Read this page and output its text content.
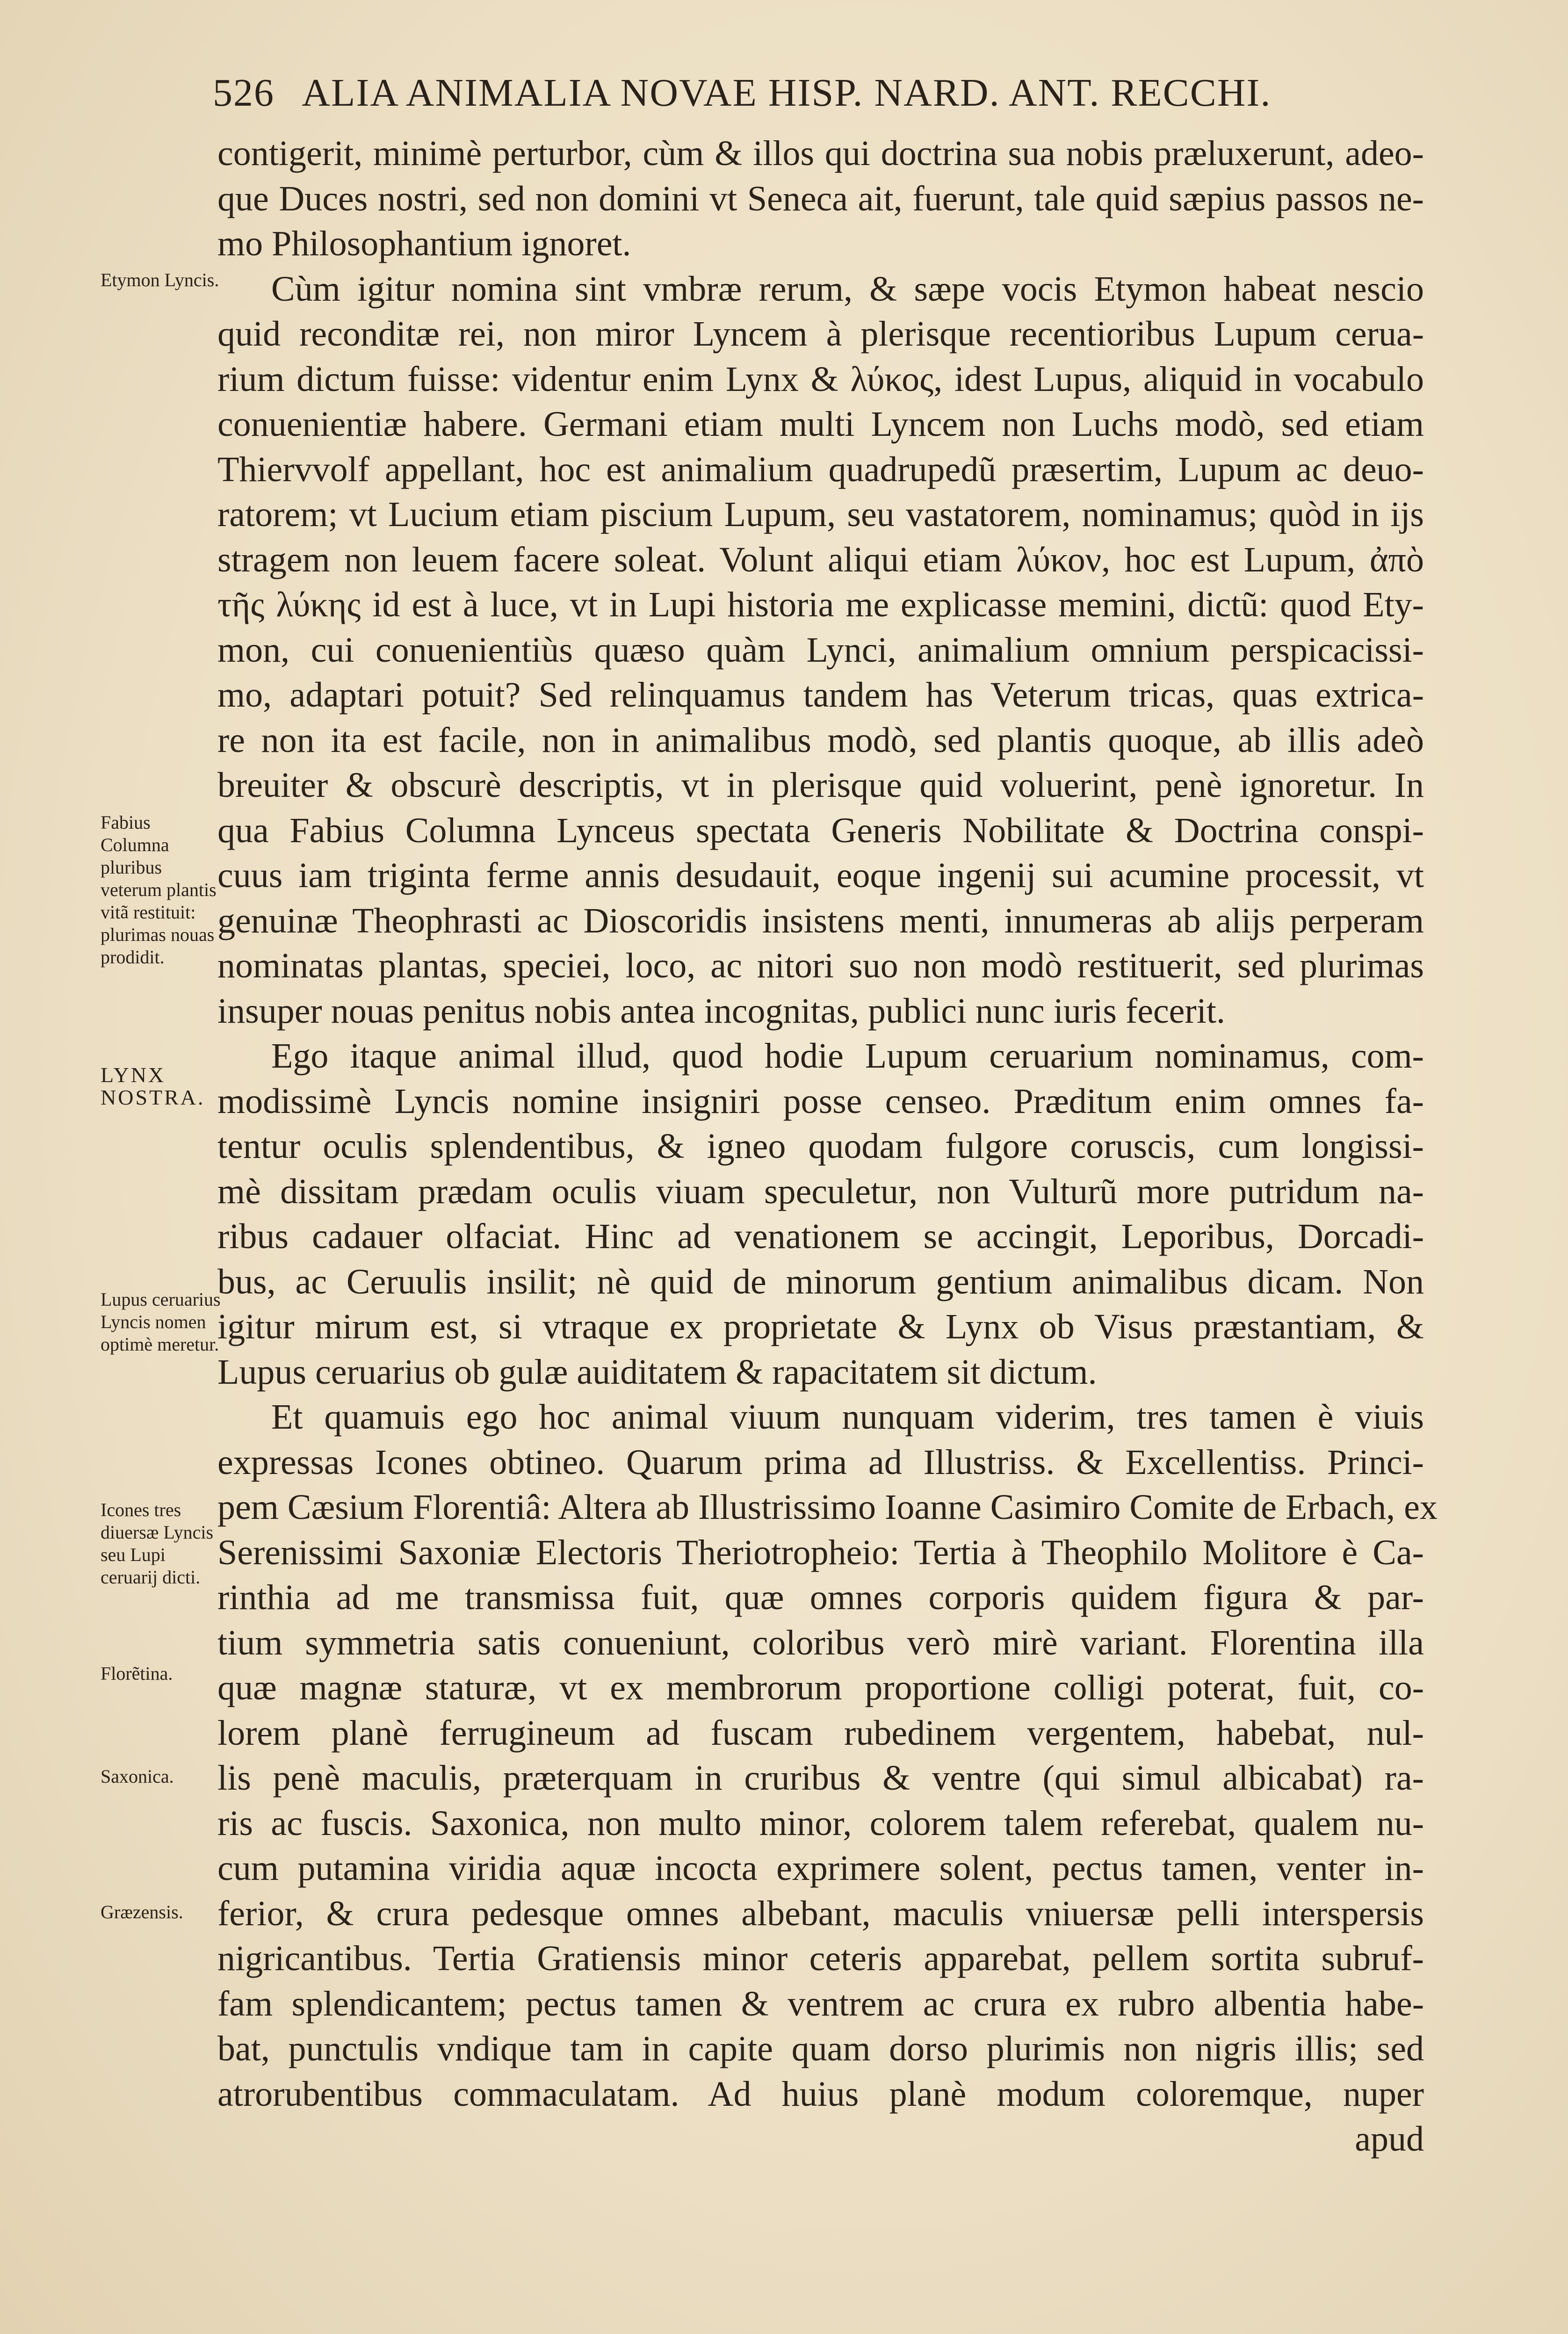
526 ALIA ANIMALIA NOVAE HISP. NARD. ANT. RECCHI.
contigerit, minimè perturbor, cùm & illos qui doctrina sua nobis præluxerunt, adeo-
que Duces nostri, sed non domini vt Seneca ait, fuerunt, tale quid sæpius passos ne-
mo Philosophantium ignoret.
Cùm igitur nomina sint vmbræ rerum, & sæpe vocis Etymon habeat nescio
quid reconditæ rei, non miror Lyncem à plerisque recentioribus Lupum cerua-
rium dictum fuisse: videntur enim Lynx & λύκος, idest Lupus, aliquid in vocabulo
conuenientiæ habere. Germani etiam multi Lyncem non Luchs modò, sed etiam
Thiervvolf appellant, hoc est animalium quadrupedũ præsertim, Lupum ac deuo-
ratorem; vt Lucium etiam piscium Lupum, seu vastatorem, nominamus; quòd in ijs
stragem non leuem facere soleat. Volunt aliqui etiam λύκον, hoc est Lupum, ἀπὸ
τῆς λύκης id est à luce, vt in Lupi historia me explicasse memini, dictũ: quod Ety-
mon, cui conuenientiùs quæso quàm Lynci, animalium omnium perspicacissi-
mo, adaptari potuit? Sed relinquamus tandem has Veterum tricas, quas extrica-
re non ita est facile, non in animalibus modò, sed plantis quoque, ab illis adeò
breuiter & obscurè descriptis, vt in plerisque quid voluerint, penè ignoretur. In
qua Fabius Columna Lynceus spectata Generis Nobilitate & Doctrina conspi-
cuus iam triginta ferme annis desudauit, eoque ingenij sui acumine processit, vt
genuinæ Theophrasti ac Dioscoridis insistens menti, innumeras ab alijs perperam
nominatas plantas, speciei, loco, ac nitori suo non modò restituerit, sed plurimas
insuper nouas penitus nobis antea incognitas, publici nunc iuris fecerit.
Ego itaque animal illud, quod hodie Lupum ceruarium nominamus, com-
modissimè Lyncis nomine insigniri posse censeo. Præditum enim omnes fa-
tentur oculis splendentibus, & igneo quodam fulgore coruscis, cum longissi-
mè dissitam prædam oculis viuam speculetur, non Vulturũ more putridum na-
ribus cadauer olfaciat. Hinc ad venationem se accingit, Leporibus, Dorcadi-
bus, ac Ceruulis insilit; nè quid de minorum gentium animalibus dicam. Non
igitur mirum est, si vtraque ex proprietate & Lynx ob Visus præstantiam, &
Lupus ceruarius ob gulæ auiditatem & rapacitatem sit dictum.
Et quamuis ego hoc animal viuum nunquam viderim, tres tamen è viuis
expressas Icones obtineo. Quarum prima ad Illustriss. & Excellentiss. Princi-
pem Cæsium Florentiâ: Altera ab Illustrissimo Ioanne Casimiro Comite de Erbach, ex
Serenissimi Saxoniæ Electoris Theriotropheio: Tertia à Theophilo Molitore è Ca-
rinthia ad me transmissa fuit, quæ omnes corporis quidem figura & par-
tium symmetria satis conueniunt, coloribus verò mirè variant. Florentina illa
quæ magnæ staturæ, vt ex membrorum proportione colligi poterat, fuit, co-
lorem planè ferrugineum ad fuscam rubedinem vergentem, habebat, nul-
lis penè maculis, præterquam in cruribus & ventre (qui simul albicabat) ra-
ris ac fuscis. Saxonica, non multo minor, colorem talem referebat, qualem nu-
cum putamina viridia aquæ incocta exprimere solent, pectus tamen, venter in-
ferior, & crura pedesque omnes albebant, maculis vniuersæ pelli interspersis
nigricantibus. Tertia Gratiensis minor ceteris apparebat, pellem sortita subruf-
fam splendicantem; pectus tamen & ventrem ac crura ex rubro albentia habe-
bat, punctulis vndique tam in capite quam dorso plurimis non nigris illis; sed
atrorubentibus commaculatam. Ad huius planè modum coloremque, nuper
apud
Etymon Lyncis.
Fabius Columna pluribus veterum plantis vitã restituit: plurimas nouas prodidit.
LYNX NOSTRA.
Lupus ceruarius Lyncis nomen optimè meretur.
Icones tres diuersæ Lyncis seu Lupi ceruarij dicti.
Florẽtina.
Saxonica.
Græzensis.
